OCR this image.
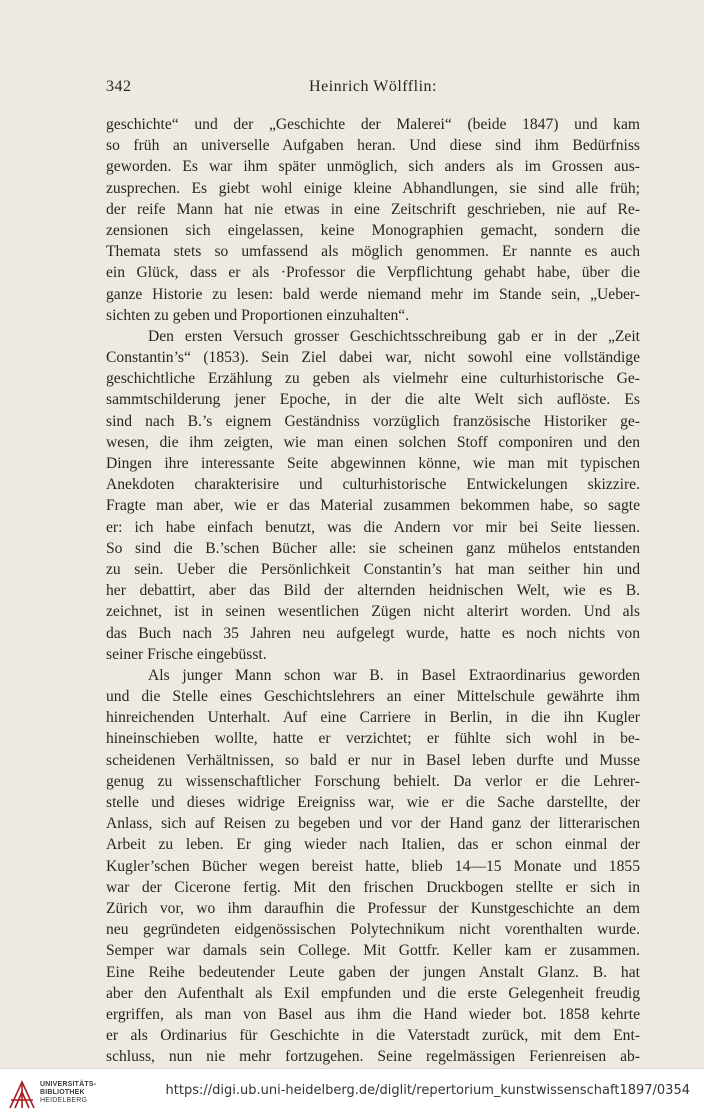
342	Heinrich Wölfflin:
geschichte“ und der „Geschichte der Malerei“ (beide 1847) und kam
so früh an universelle Aufgaben heran. Und diese sind ihm Bedürfniss
geworden. Es war ihm später unmöglich, sich anders als im Grossen aus-
zusprechen. Es giebt wohl einige kleine Abhandlungen, sie sind alle früh;
der reife Mann hat nie etwas in eine Zeitschrift geschrieben, nie auf Re-
zensionen sich eingelassen, keine Monographien gemacht, sondern die
Themata stets so umfassend als möglich genommen. Er nannte es auch
ein Glück, dass er als ·Professor die Verpflichtung gehabt habe, über die
ganze Historie zu lesen: bald werde niemand mehr im Stande sein, „Ueber-
sichten zu geben und Proportionen einzuhalten“.
Den ersten Versuch grosser Geschichtsschreibung gab er in der „Zeit
Constantin’s“ (1853). Sein Ziel dabei war, nicht sowohl eine vollständige
geschichtliche Erzählung zu geben als vielmehr eine culturhistorische Ge-
sammtschilderung jener Epoche, in der die alte Welt sich auflöste. Es
sind nach B.’s eignem Geständniss vorzüglich französische Historiker ge-
wesen, die ihm zeigten, wie man einen solchen Stoff componiren und den
Dingen ihre interessante Seite abgewinnen könne, wie man mit typischen
Anekdoten charakterisire und culturhistorische Entwickelungen skizzire.
Fragte man aber, wie er das Material zusammen bekommen habe, so sagte
er: ich habe einfach benutzt, was die Andern vor mir bei Seite liessen.
So sind die B.’schen Bücher alle: sie scheinen ganz mühelos entstanden
zu sein. Ueber die Persönlichkeit Constantin’s hat man seither hin und
her debattirt, aber das Bild der alternden heidnischen Welt, wie es B.
zeichnet, ist in seinen wesentlichen Zügen nicht alterirt worden. Und als
das Buch nach 35 Jahren neu aufgelegt wurde, hatte es noch nichts von
seiner Frische eingebüsst.
Als junger Mann schon war B. in Basel Extraordinarius geworden
und die Stelle eines Geschichtslehrers an einer Mittelschule gewährte ihm
hinreichenden Unterhalt. Auf eine Carriere in Berlin, in die ihn Kugler
hineinschieben wollte, hatte er verzichtet; er fühlte sich wohl in be-
scheidenen Verhältnissen, so bald er nur in Basel leben durfte und Musse
genug zu wissenschaftlicher Forschung behielt. Da verlor er die Lehrer-
stelle und dieses widrige Ereigniss war, wie er die Sache darstellte, der
Anlass, sich auf Reisen zu begeben und vor der Hand ganz der litterarischen
Arbeit zu leben. Er ging wieder nach Italien, das er schon einmal der
Kugler’schen Bücher wegen bereist hatte, blieb 14—15 Monate und 1855
war der Cicerone fertig. Mit den frischen Druckbogen stellte er sich in
Zürich vor, wo ihm daraufhin die Professur der Kunstgeschichte an dem
neu gegründeten eidgenössischen Polytechnikum nicht vorenthalten wurde.
Semper war damals sein College. Mit Gottfr. Keller kam er zusammen.
Eine Reihe bedeutender Leute gaben der jungen Anstalt Glanz. B. hat
aber den Aufenthalt als Exil empfunden und die erste Gelegenheit freudig
ergriffen, als man von Basel aus ihm die Hand wieder bot. 1858 kehrte
er als Ordinarius für Geschichte in die Vaterstadt zurück, mit dem Ent-
schluss, nun nie mehr fortzugehen. Seine regelmässigen Ferienreisen ab-
UNIVERSITÄTS-
BIBLIOTHEK
HEIDELBERG
https://digi.ub.uni-heidelberg.de/diglit/repertorium_kunstwissenschaft1897/0354
